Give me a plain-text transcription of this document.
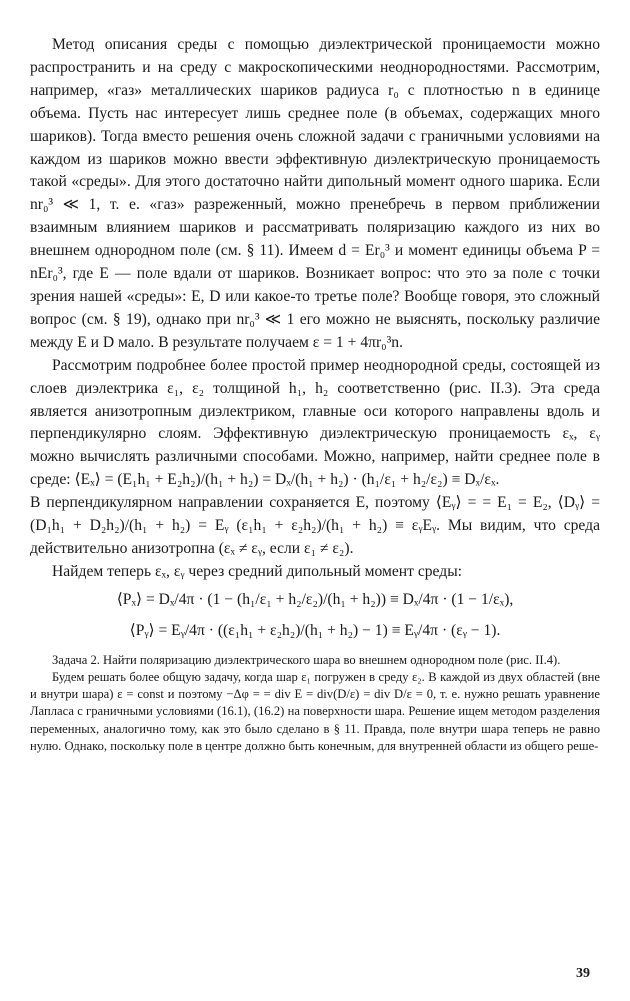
Метод описания среды с помощью диэлектрической проницаемости можно распространить и на среду с макроскопическими неоднородностями. Рассмотрим, например, «газ» металлических шариков радиуса r₀ с плотностью n в единице объема. Пусть нас интересует лишь среднее поле (в объемах, содержащих много шариков). Тогда вместо решения очень сложной задачи с граничными условиями на каждом из шариков можно ввести эффективную диэлектрическую проницаемость такой «среды». Для этого достаточно найти дипольный момент одного шарика. Если nr₀³ ≪ 1, т. е. «газ» разреженный, можно пренебречь в первом приближении взаимным влиянием шариков и рассматривать поляризацию каждого из них во внешнем однородном поле (см. § 11). Имеем d = Er₀³ и момент единицы объема P = nEr₀³, где E — поле вдали от шариков. Возникает вопрос: что это за поле с точки зрения нашей «среды»: E, D или какое-то третье поле? Вообще говоря, это сложный вопрос (см. § 19), однако при nr₀³ ≪ 1 его можно не выяснять, поскольку различие между E и D мало. В результате получаем ε = 1 + 4πr₀³n.

Рассмотрим подробнее более простой пример неоднородной среды, состоящей из слоев диэлектрика ε₁, ε₂ толщиной h₁, h₂ соответственно (рис. II.3). Эта среда является анизотропным диэлектриком, главные оси которого направлены вдоль и перпендикулярно слоям. Эффективную диэлектрическую проницаемость εₓ, εᵧ можно вычислять различными способами. Можно, например, найти среднее поле в среде: ⟨Eₓ⟩ = (E₁h₁ + E₂h₂)/(h₁ + h₂) = Dₓ/(h₁ + h₂) · (h₁/ε₁ + h₂/ε₂) ≡ Dₓ/εₓ.

В перпендикулярном направлении сохраняется E, поэтому ⟨Eᵧ⟩ = = E₁ = E₂, ⟨Dᵧ⟩ = (D₁h₁ + D₂h₂)/(h₁ + h₂) = Eᵧ (ε₁h₁ + ε₂h₂)/(h₁ + h₂) ≡ εᵧEᵧ. Мы видим, что среда действительно анизотропна (εₓ ≠ εᵧ, если ε₁ ≠ ε₂).

Найдем теперь εₓ, εᵧ через средний дипольный момент среды:

⟨Pₓ⟩ = Dₓ/4π · (1 − (h₁/ε₁ + h₂/ε₂)/(h₁ + h₂)) ≡ Dₓ/4π · (1 − 1/εₓ),
⟨Pᵧ⟩ = Eᵧ/4π · ((ε₁h₁ + ε₂h₂)/(h₁ + h₂) − 1) ≡ Eᵧ/4π · (εᵧ − 1).

Задача 2. Найти поляризацию диэлектрического шара во внешнем однородном поле (рис. II.4).

Будем решать более общую задачу, когда шар ε₁ погружен в среду ε₂. В каждой из двух областей (вне и внутри шара) ε = const и поэтому −Δφ = = div E = div(D/ε) = div D/ε = 0, т. е. нужно решать уравнение Лапласа с граничными условиями (16.1), (16.2) на поверхности шара. Решение ищем методом разделения переменных, аналогично тому, как это было сделано в § 11. Правда, поле внутри шара теперь не равно нулю. Однако, поскольку поле в центре должно быть конечным, для внутренней области из общего реше-

39
